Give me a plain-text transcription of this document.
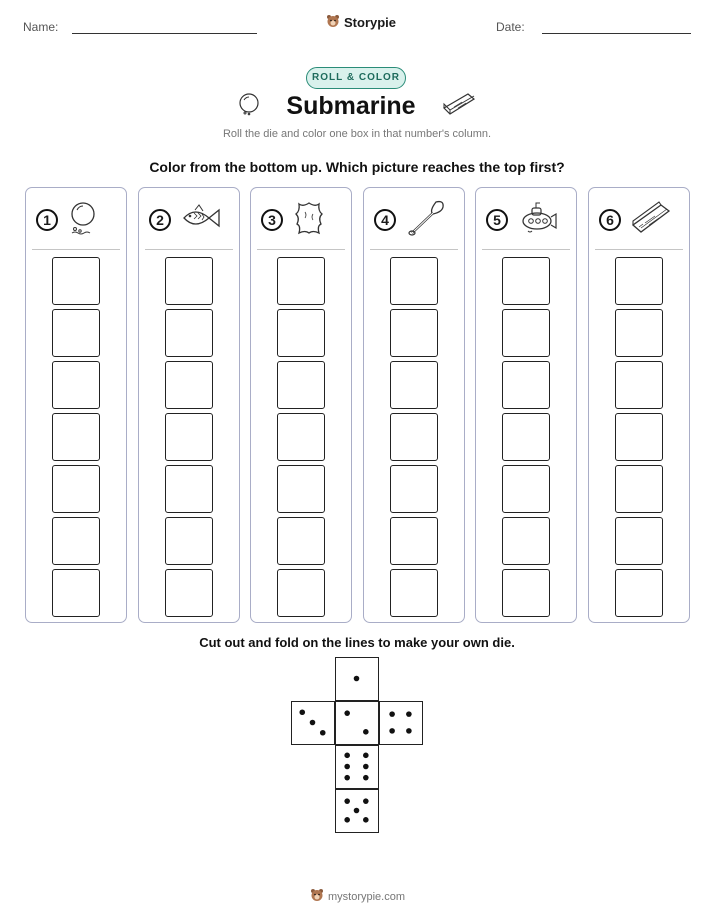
Name:	Storypie	Date:
ROLL & COLOR
Submarine
Roll the die and color one box in that number's column.
Color from the bottom up. Which picture reaches the top first?
1	2	3	4	5	6
Cut out and fold on the lines to make your own die.
mystorypie.com
